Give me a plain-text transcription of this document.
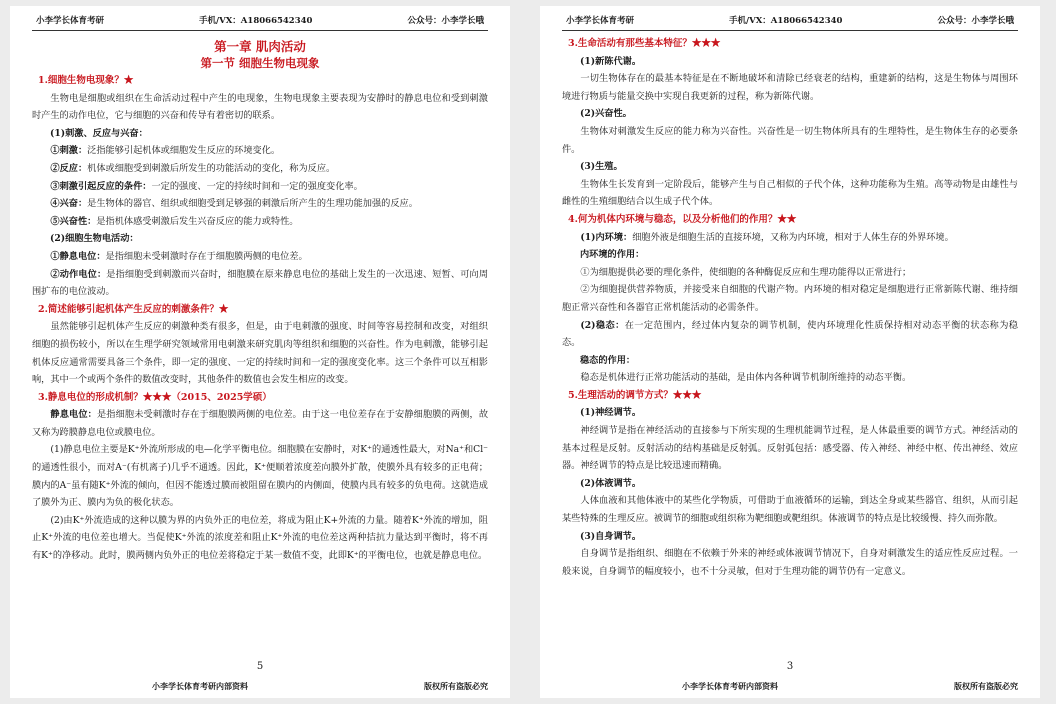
小李学长体育考研	手机/VX：A18066542340	公众号：小李学长哦
第一章 肌肉活动
第一节 细胞生物电现象
1.细胞生物电现象？★

生物电是细胞或组织在生命活动过程中产生的电现象，生物电现象主要表现为安静时的静息电位和受到刺激时产生的动作电位，它与细胞的兴奋和传导有着密切的联系。

(1)刺激、反应与兴奋：

①刺激：泛指能够引起机体或细胞发生反应的环境变化。

②反应：机体或细胞受到刺激后所发生的功能活动的变化，称为反应。

③刺激引起反应的条件：一定的强度、一定的持续时间和一定的强度变化率。

④兴奋：是生物体的器官、组织或细胞受到足够强的刺激后所产生的生理功能加强的反应。

⑤兴奋性：是指机体感受刺激后发生兴奋反应的能力或特性。

(2)细胞生物电活动：

①静息电位：是指细胞未受刺激时存在于细胞膜两侧的电位差。

②动作电位：是指细胞受到刺激而兴奋时，细胞膜在原来静息电位的基础上发生的一次迅速、短暂、可向周围扩布的电位波动。

2.简述能够引起机体产生反应的刺激条件？★

虽然能够引起机体产生反应的刺激种类有很多，但是，由于电刺激的强度、时间等容易控制和改变，对组织细胞的损伤较小，所以在生理学研究领域常用电刺激来研究肌肉等组织和细胞的兴奋性。作为电刺激，能够引起机体反应通常需要具备三个条件，即一定的强度、一定的持续时间和一定的强度变化率。这三个条件可以互相影响，其中一个或两个条件的数值改变时，其他条件的数值也会发生相应的改变。

3.静息电位的形成机制？★★★（2015、2025学硕）

静息电位：是指细胞未受刺激时存在于细胞膜两侧的电位差。由于这一电位差存在于安静细胞膜的两侧，故又称为跨膜静息电位或膜电位。

(1)静息电位主要是K⁺外流所形成的电—化学平衡电位。细胞膜在安静时，对K⁺的通透性最大，对Na⁺和Cl⁻的通透性很小，而对A⁻(有机离子)几乎不通透。因此，K⁺便顺着浓度差向膜外扩散，使膜外具有较多的正电荷；膜内的A⁻虽有随K⁺外流的倾向，但因不能透过膜而被阻留在膜内的内侧面，使膜内具有较多的负电荷。这就造成了膜外为正、膜内为负的极化状态。

(2)由K⁺外流造成的这种以膜为界的内负外正的电位差，将成为阻止K+外流的力量。随着K⁺外流的增加，阻止K⁺外流的电位差也增大。当促使K⁺外流的浓度差和阻止K⁺外流的电位差这两种拮抗力量达到平衡时，将不再有K⁺的净移动。此时，膜两侧内负外正的电位差将稳定于某一数值不变，此即K⁺的平衡电位，也就是静息电位。

5
小李学长体育考研内部资料	版权所有盗版必究
小李学长体育考研	手机/VX：A18066542340	公众号：小李学长哦
3.生命活动有那些基本特征？★★★

(1)新陈代谢。

一切生物体存在的最基本特征是在不断地破坏和清除已经衰老的结构，重建新的结构，这是生物体与周围环境进行物质与能量交换中实现自我更新的过程，称为新陈代谢。

(2)兴奋性。

生物体对刺激发生反应的能力称为兴奋性。兴奋性是一切生物体所具有的生理特性，是生物体生存的必要条件。

(3)生殖。

生物体生长发育到一定阶段后，能够产生与自己相似的子代个体，这种功能称为生殖。高等动物是由雄性与雌性的生殖细胞结合以生成子代个体。

4.何为机体内环境与稳态，以及分析他们的作用？★★

(1)内环境：细胞外液是细胞生活的直接环境，又称为内环境，相对于人体生存的外界环境。

内环境的作用：

①为细胞提供必要的理化条件，使细胞的各种酶促反应和生理功能得以正常进行；

②为细胞提供营养物质，并接受来自细胞的代谢产物。内环境的相对稳定是细胞进行正常新陈代谢、维持细胞正常兴奋性和各器官正常机能活动的必需条件。

(2)稳态：在一定范围内，经过体内复杂的调节机制，使内环境理化性质保持相对动态平衡的状态称为稳态。

稳态的作用：

稳态是机体进行正常功能活动的基础，是由体内各种调节机制所维持的动态平衡。

5.生理活动的调节方式？★★★

(1)神经调节。

神经调节是指在神经活动的直接参与下所实现的生理机能调节过程，是人体最重要的调节方式。神经活动的基本过程是反射。反射活动的结构基础是反射弧。反射弧包括：感受器、传入神经、神经中枢、传出神经、效应器。神经调节的特点是比较迅速而精确。

(2)体液调节。

人体血液和其他体液中的某些化学物质，可借助于血液循环的运输，到达全身或某些器官、组织，从而引起某些特殊的生理反应。被调节的细胞或组织称为靶细胞或靶组织。体液调节的特点是比较缓慢、持久而弥散。

(3)自身调节。

自身调节是指组织、细胞在不依赖于外来的神经或体液调节情况下，自身对刺激发生的适应性反应过程。一般来说，自身调节的幅度较小，也不十分灵敏，但对于生理功能的调节仍有一定意义。

3
小李学长体育考研内部资料	版权所有盗版必究
